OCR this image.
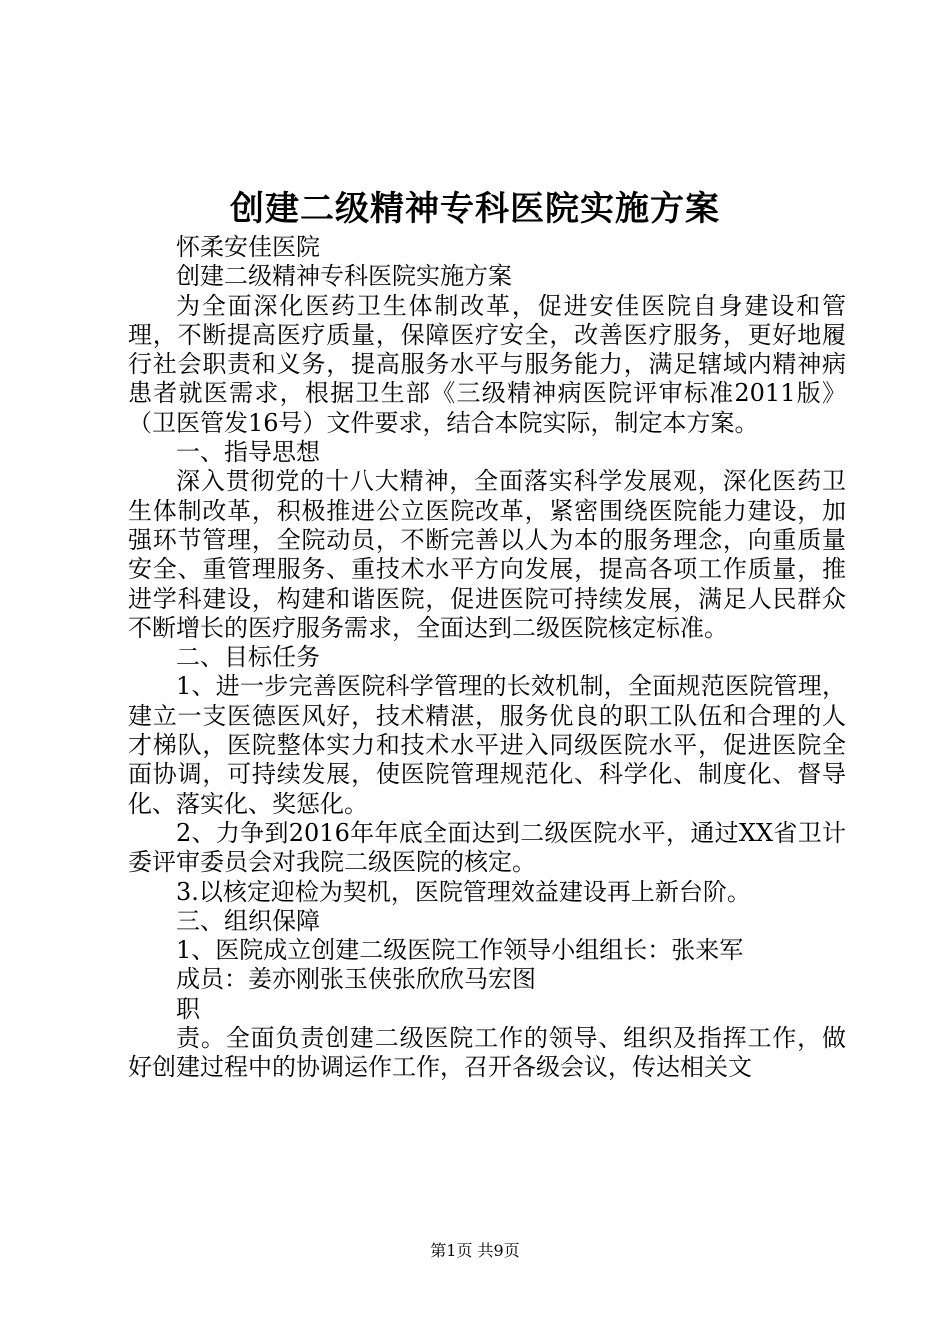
创建二级精神专科医院实施方案

怀柔安佳医院

创建二级精神专科医院实施方案

为全面深化医药卫生体制改革，促进安佳医院自身建设和管理，不断提高医疗质量，保障医疗安全，改善医疗服务，更好地履行社会职责和义务，提高服务水平与服务能力，满足辖域内精神病患者就医需求，根据卫生部《三级精神病医院评审标准2011版》（卫医管发16号）文件要求，结合本院实际，制定本方案。

一、指导思想

深入贯彻党的十八大精神，全面落实科学发展观，深化医药卫生体制改革，积极推进公立医院改革，紧密围绕医院能力建设，加强环节管理，全院动员，不断完善以人为本的服务理念，向重质量安全、重管理服务、重技术水平方向发展，提高各项工作质量，推进学科建设，构建和谐医院，促进医院可持续发展，满足人民群众不断增长的医疗服务需求，全面达到二级医院核定标准。

二、目标任务

1、进一步完善医院科学管理的长效机制，全面规范医院管理，建立一支医德医风好，技术精湛，服务优良的职工队伍和合理的人才梯队，医院整体实力和技术水平进入同级医院水平，促进医院全面协调，可持续发展，使医院管理规范化、科学化、制度化、督导化、落实化、奖惩化。

2、力争到2016年年底全面达到二级医院水平，通过XX省卫计委评审委员会对我院二级医院的核定。

3.以核定迎检为契机，医院管理效益建设再上新台阶。

三、组织保障

1、医院成立创建二级医院工作领导小组组长：张来军

成员：姜亦刚张玉侠张欣欣马宏图

职

责。全面负责创建二级医院工作的领导、组织及指挥工作，做好创建过程中的协调运作工作，召开各级会议，传达相关文

第1页 共9页
